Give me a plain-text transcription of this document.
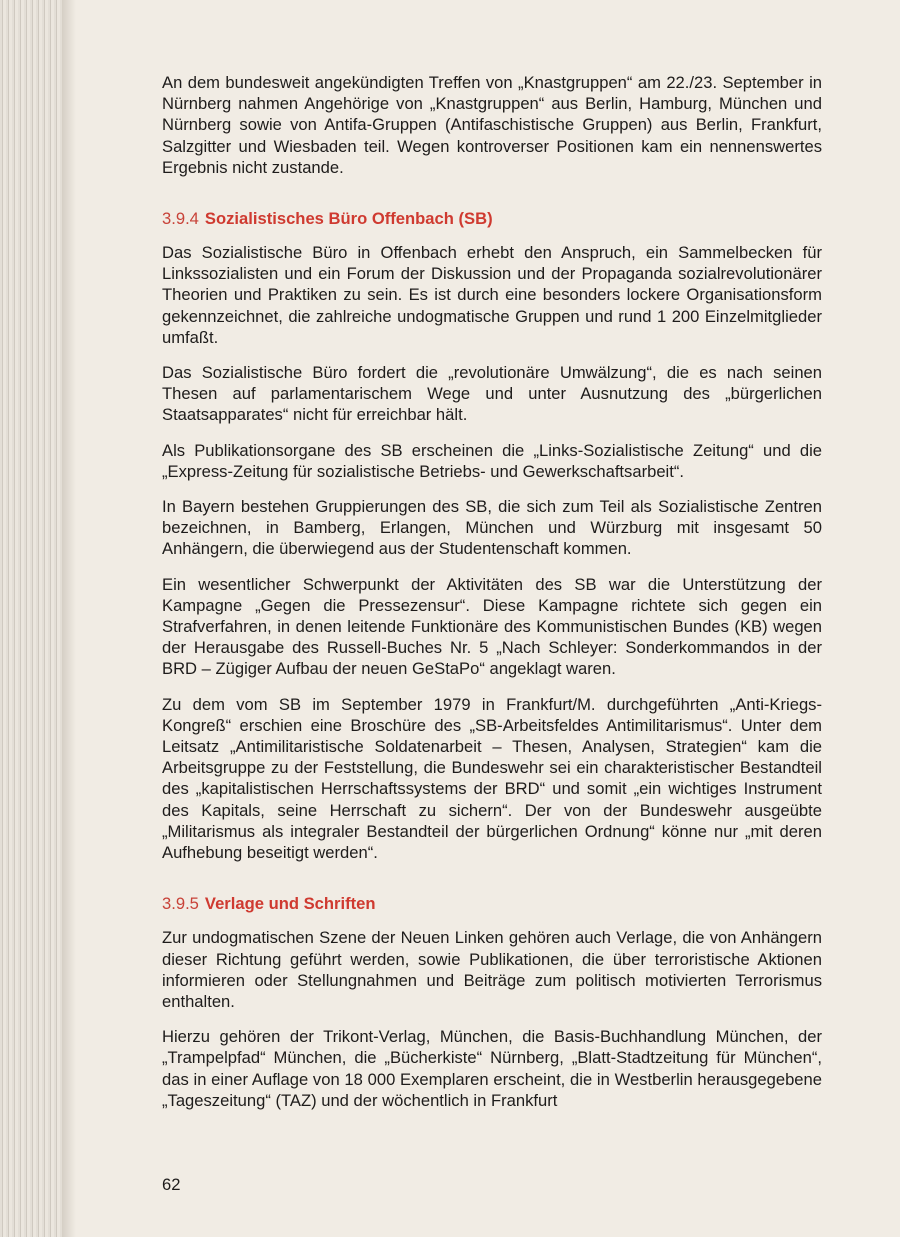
An dem bundesweit angekündigten Treffen von „Knastgruppen“ am 22./23. September in Nürnberg nahmen Angehörige von „Knastgruppen“ aus Berlin, Hamburg, München und Nürnberg sowie von Antifa-Gruppen (Antifaschistische Gruppen) aus Berlin, Frankfurt, Salzgitter und Wiesbaden teil. Wegen kontroverser Positionen kam ein nennenswertes Ergebnis nicht zustande.

3.9.4 Sozialistisches Büro Offenbach (SB)

Das Sozialistische Büro in Offenbach erhebt den Anspruch, ein Sammelbecken für Linkssozialisten und ein Forum der Diskussion und der Propaganda sozialrevolutionärer Theorien und Praktiken zu sein. Es ist durch eine besonders lockere Organisationsform gekennzeichnet, die zahlreiche undogmatische Gruppen und rund 1 200 Einzelmitglieder umfaßt.

Das Sozialistische Büro fordert die „revolutionäre Umwälzung“, die es nach seinen Thesen auf parlamentarischem Wege und unter Ausnutzung des „bürgerlichen Staatsapparates“ nicht für erreichbar hält.

Als Publikationsorgane des SB erscheinen die „Links-Sozialistische Zeitung“ und die „Express-Zeitung für sozialistische Betriebs- und Gewerkschaftsarbeit“.

In Bayern bestehen Gruppierungen des SB, die sich zum Teil als Sozialistische Zentren bezeichnen, in Bamberg, Erlangen, München und Würzburg mit insgesamt 50 Anhängern, die überwiegend aus der Studentenschaft kommen.

Ein wesentlicher Schwerpunkt der Aktivitäten des SB war die Unterstützung der Kampagne „Gegen die Pressezensur“. Diese Kampagne richtete sich gegen ein Strafverfahren, in denen leitende Funktionäre des Kommunistischen Bundes (KB) wegen der Herausgabe des Russell-Buches Nr. 5 „Nach Schleyer: Sonderkommandos in der BRD – Zügiger Aufbau der neuen GeStaPo“ angeklagt waren.

Zu dem vom SB im September 1979 in Frankfurt/M. durchgeführten „Anti-Kriegs-Kongreß“ erschien eine Broschüre des „SB-Arbeitsfeldes Antimilitarismus“. Unter dem Leitsatz „Antimilitaristische Soldatenarbeit – Thesen, Analysen, Strategien“ kam die Arbeitsgruppe zu der Feststellung, die Bundeswehr sei ein charakteristischer Bestandteil des „kapitalistischen Herrschaftssystems der BRD“ und somit „ein wichtiges Instrument des Kapitals, seine Herrschaft zu sichern“. Der von der Bundeswehr ausgeübte „Militarismus als integraler Bestandteil der bürgerlichen Ordnung“ könne nur „mit deren Aufhebung beseitigt werden“.

3.9.5 Verlage und Schriften

Zur undogmatischen Szene der Neuen Linken gehören auch Verlage, die von Anhängern dieser Richtung geführt werden, sowie Publikationen, die über terroristische Aktionen informieren oder Stellungnahmen und Beiträge zum politisch motivierten Terrorismus enthalten.

Hierzu gehören der Trikont-Verlag, München, die Basis-Buchhandlung München, der „Trampelpfad“ München, die „Bücherkiste“ Nürnberg, „Blatt-Stadtzeitung für München“, das in einer Auflage von 18 000 Exemplaren erscheint, die in Westberlin herausgegebene „Tageszeitung“ (TAZ) und der wöchentlich in Frankfurt

62
